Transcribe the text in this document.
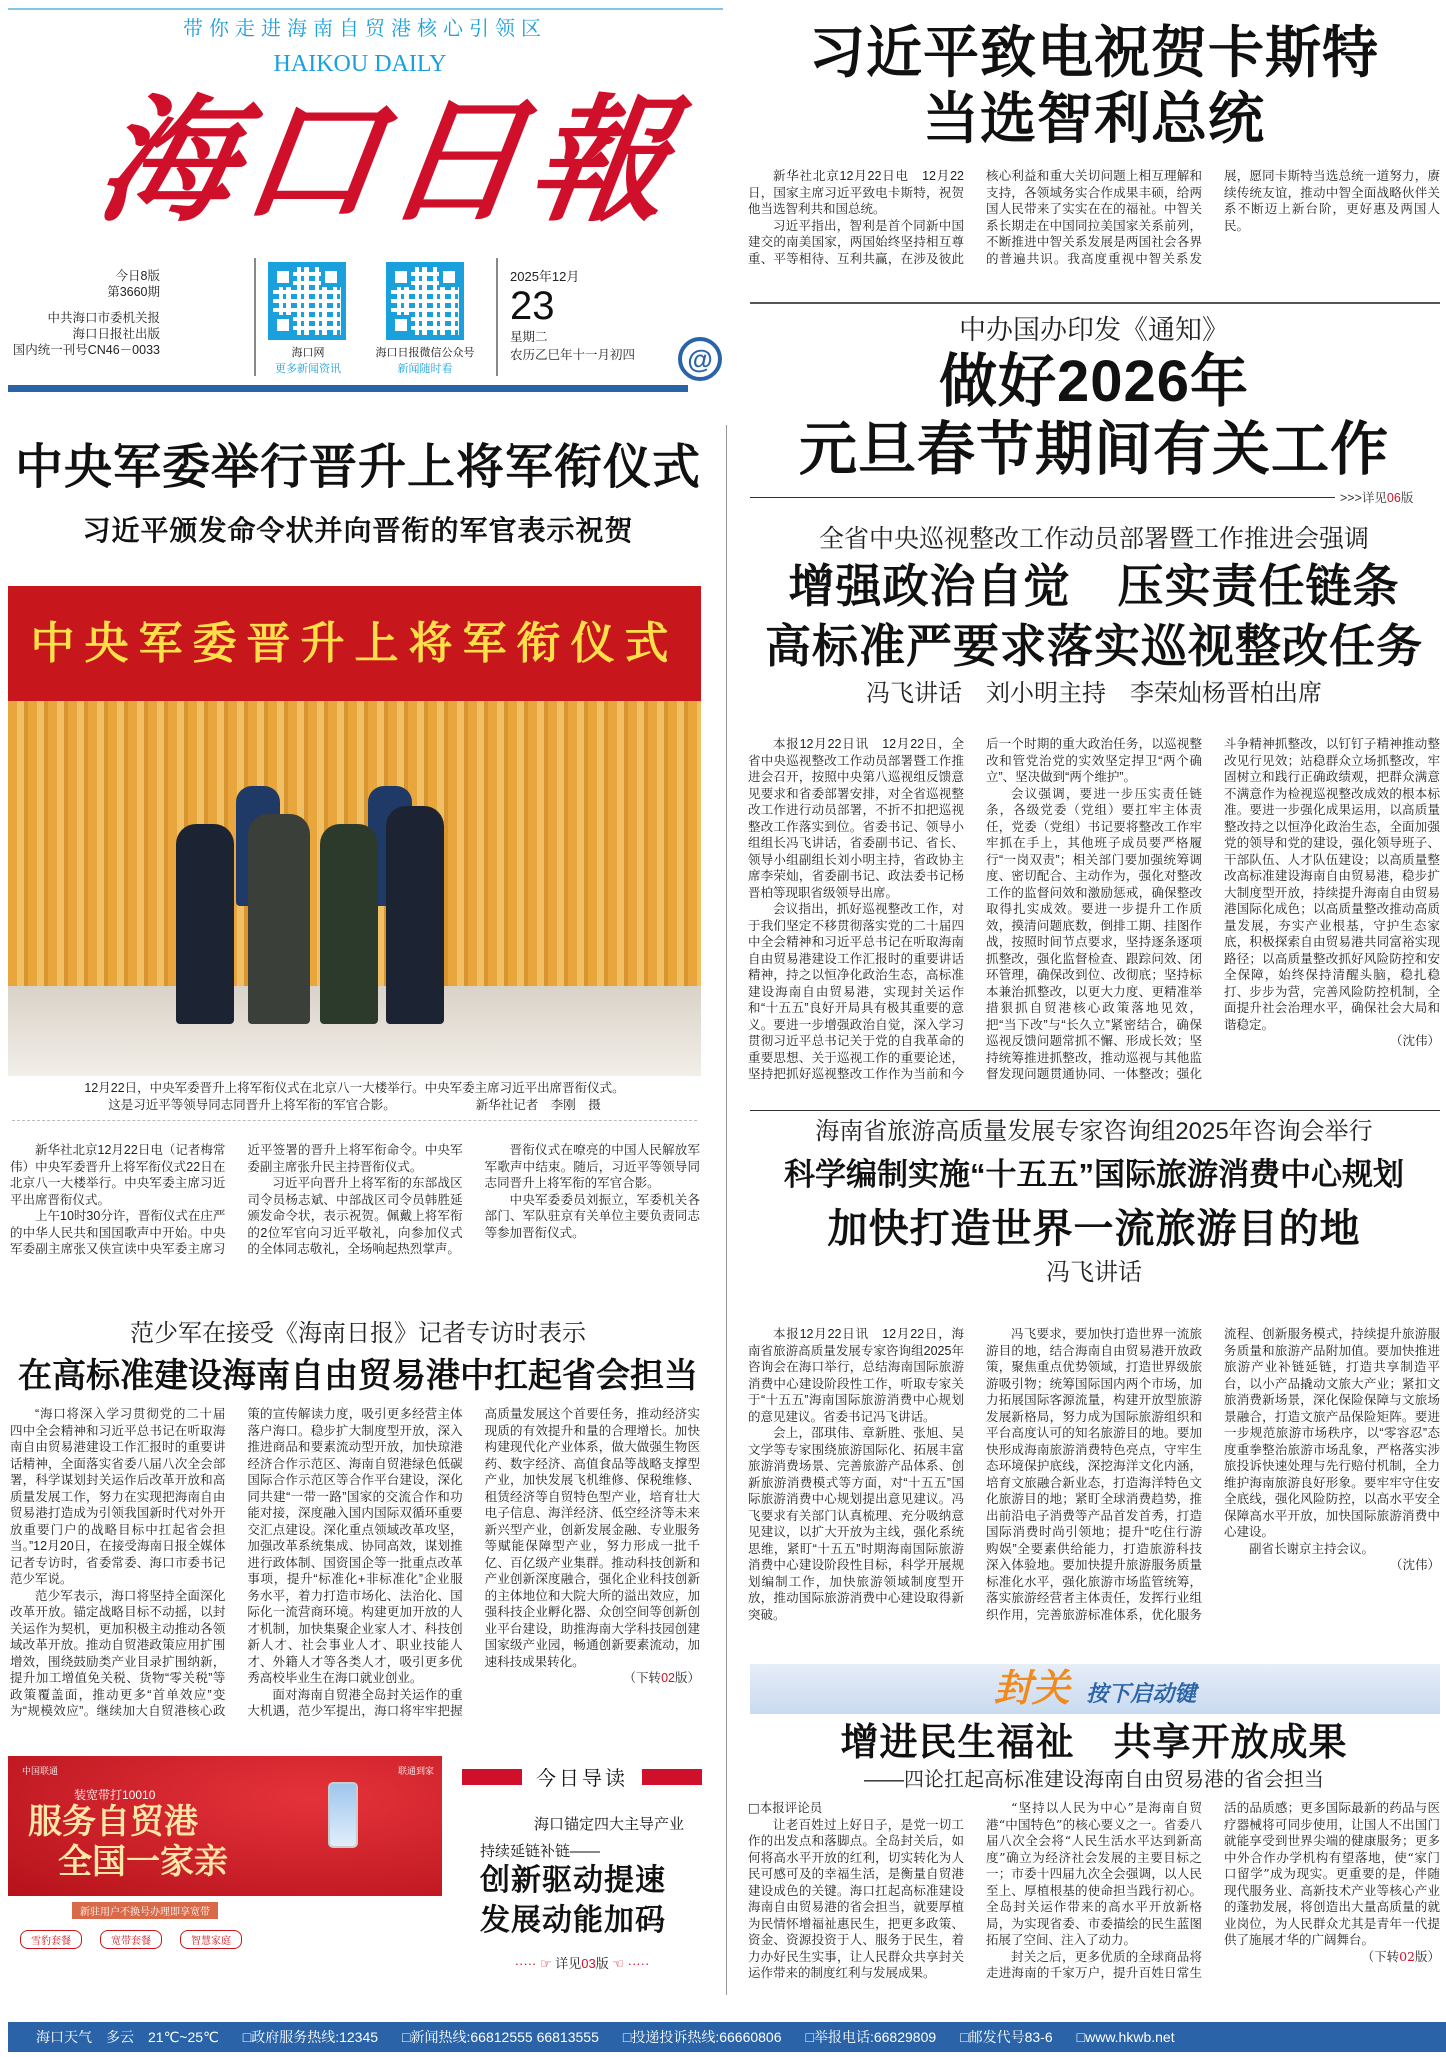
带你走进海南自贸港核心引领区
HAIKOU DAILY
海口日報
今日8版
第3660期
中共海口市委机关报
海口日报社出版
国内统一刊号CN46－0033	海口网
更多新闻资讯
海口日报微信公众号
新闻随时看
2025年12月
23
星期二
农历乙巳年十一月初四	@
习近平致电祝贺卡斯特
当选智利总统

新华社北京12月22日电　12月22日，国家主席习近平致电卡斯特，祝贺他当选智利共和国总统。

习近平指出，智利是首个同新中国建交的南美国家，两国始终坚持相互尊重、平等相待、互利共赢，在涉及彼此核心利益和重大关切问题上相互理解和支持，各领域务实合作成果丰硕，给两国人民带来了实实在在的福祉。中智关系长期走在中国同拉美国家关系前列，不断推进中智关系发展是两国社会各界的普遍共识。我高度重视中智关系发展，愿同卡斯特当选总统一道努力，赓续传统友谊，推动中智全面战略伙伴关系不断迈上新台阶，更好惠及两国人民。

中办国办印发《通知》
做好2026年
元旦春节期间有关工作
>>>详见06版
全省中央巡视整改工作动员部署暨工作推进会强调
增强政治自觉　压实责任链条
高标准严要求落实巡视整改任务
冯飞讲话　刘小明主持　李荣灿杨晋柏出席

本报12月22日讯　12月22日，全省中央巡视整改工作动员部署暨工作推进会召开，按照中央第八巡视组反馈意见要求和省委部署安排，对全省巡视整改工作进行动员部署，不折不扣把巡视整改工作落实到位。省委书记、领导小组组长冯飞讲话，省委副书记、省长、领导小组副组长刘小明主持，省政协主席李荣灿，省委副书记、政法委书记杨晋柏等现职省级领导出席。

会议指出，抓好巡视整改工作，对于我们坚定不移贯彻落实党的二十届四中全会精神和习近平总书记在听取海南自由贸易港建设工作汇报时的重要讲话精神，持之以恒净化政治生态，高标准建设海南自由贸易港，实现封关运作和“十五五”良好开局具有极其重要的意义。要进一步增强政治自觉，深入学习贯彻习近平总书记关于党的自我革命的重要思想、关于巡视工作的重要论述，坚持把抓好巡视整改工作作为当前和今后一个时期的重大政治任务，以巡视整改和管党治党的实效坚定捍卫“两个确立”、坚决做到“两个维护”。

会议强调，要进一步压实责任链条，各级党委（党组）要扛牢主体责任，党委（党组）书记要将整改工作牢牢抓在手上，其他班子成员要严格履行“一岗双责”；相关部门要加强统筹调度、密切配合、主动作为，强化对整改工作的监督问效和激励惩戒，确保整改取得扎实成效。要进一步提升工作质效，摸清问题底数，倒排工期、挂图作战，按照时间节点要求，坚持逐条逐项抓整改，强化监督检查、跟踪问效、闭环管理，确保改到位、改彻底；坚持标本兼治抓整改，以更大力度、更精准举措狠抓自贸港核心政策落地见效，把“当下改”与“长久立”紧密结合，确保巡视反馈问题常抓不懈、形成长效；坚持统筹推进抓整改，推动巡视与其他监督发现问题贯通协同、一体整改；强化斗争精神抓整改，以钉钉子精神推动整改见行见效；站稳群众立场抓整改，牢固树立和践行正确政绩观，把群众满意不满意作为检视巡视整改成效的根本标准。要进一步强化成果运用，以高质量整改持之以恒净化政治生态，全面加强党的领导和党的建设，强化领导班子、干部队伍、人才队伍建设；以高质量整改高标准建设海南自由贸易港，稳步扩大制度型开放，持续提升海南自由贸易港国际化成色；以高质量整改推动高质量发展，夯实产业根基，守护生态家底，积极探索自由贸易港共同富裕实现路径；以高质量整改抓好风险防控和安全保障，始终保持清醒头脑，稳扎稳打、步步为营，完善风险防控机制，全面提升社会治理水平，确保社会大局和谐稳定。

（沈伟）

海南省旅游高质量发展专家咨询组2025年咨询会举行
科学编制实施“十五五”国际旅游消费中心规划
加快打造世界一流旅游目的地
冯飞讲话

本报12月22日讯　12月22日，海南省旅游高质量发展专家咨询组2025年咨询会在海口举行，总结海南国际旅游消费中心建设阶段性工作，听取专家关于“十五五”海南国际旅游消费中心规划的意见建议。省委书记冯飞讲话。

会上，邵琪伟、章新胜、张旭、吴文学等专家围绕旅游国际化、拓展丰富旅游消费场景、完善旅游产品体系、创新旅游消费模式等方面，对“十五五”国际旅游消费中心规划提出意见建议。冯飞要求有关部门认真梳理、充分吸纳意见建议，以扩大开放为主线，强化系统思维，紧盯“十五五”时期海南国际旅游消费中心建设阶段性目标，科学开展规划编制工作，加快旅游领域制度型开放，推动国际旅游消费中心建设取得新突破。

冯飞要求，要加快打造世界一流旅游目的地，结合海南自由贸易港开放政策，聚焦重点优势领域，打造世界级旅游吸引物；统筹国际国内两个市场，加力拓展国际客源流量，构建开放型旅游发展新格局，努力成为国际旅游组织和平台高度认可的知名旅游目的地。要加快形成海南旅游消费特色亮点，守牢生态环境保护底线，深挖海洋文化内涵，培育文旅融合新业态，打造海洋特色文化旅游目的地；紧盯全球消费趋势，推出前沿电子消费等产品首发首秀，打造国际消费时尚引领地；提升“吃住行游购娱”全要素供给能力，打造旅游科技深入体验地。要加快提升旅游服务质量标准化水平，强化旅游市场监管统筹，落实旅游经营者主体责任，发挥行业组织作用，完善旅游标准体系，优化服务流程、创新服务模式，持续提升旅游服务质量和旅游产品附加值。要加快推进旅游产业补链延链，打造共享制造平台，以小产品撬动文旅大产业；紧扣文旅消费新场景，深化保险保障与文旅场景融合，打造文旅产品保险矩阵。要进一步规范旅游市场秩序，以“零容忍”态度重拳整治旅游市场乱象，严格落实涉旅投诉快速处理与先行赔付机制，全力维护海南旅游良好形象。要牢牢守住安全底线，强化风险防控，以高水平安全保障高水平开放，加快国际旅游消费中心建设。

副省长谢京主持会议。

（沈伟）

封关 按下启动键
增进民生福祉　共享开放成果
——四论扛起高标准建设海南自由贸易港的省会担当

□本报评论员

让老百姓过上好日子，是党一切工作的出发点和落脚点。全岛封关后，如何将高水平开放的红利，切实转化为人民可感可及的幸福生活，是衡量自贸港建设成色的关键。海口扛起高标准建设海南自由贸易港的省会担当，就要厚植为民情怀增福祉惠民生，把更多政策、资金、资源投资于人、服务于民生，着力办好民生实事，让人民群众共享封关运作带来的制度红利与发展成果。

“坚持以人民为中心”是海南自贸港“中国特色”的核心要义之一。省委八届八次全会将“人民生活水平达到新高度”确立为经济社会发展的主要目标之一；市委十四届九次全会强调，以人民至上、厚植根基的使命担当践行初心。全岛封关运作带来的高水平开放新格局，为实现省委、市委描绘的民生蓝图拓展了空间、注入了动力。

封关之后，更多优质的全球商品将走进海南的千家万户，提升百姓日常生活的品质感；更多国际最新的药品与医疗器械将可同步使用，让国人不出国门就能享受到世界尖端的健康服务；更多中外合作办学机构有望落地，使“家门口留学”成为现实。更重要的是，伴随现代服务业、高新技术产业等核心产业的蓬勃发展，将创造出大量高质量的就业岗位，为人民群众尤其是青年一代提供了施展才华的广阔舞台。

（下转02版）

中央军委举行晋升上将军衔仪式
习近平颁发命令状并向晋衔的军官表示祝贺
中央军委晋升上将军衔仪式
12月22日，中央军委晋升上将军衔仪式在北京八一大楼举行。中央军委主席习近平出席晋衔仪式。
这是习近平等领导同志同晋升上将军衔的军官合影。	新华社记者　李刚　摄

新华社北京12月22日电（记者梅常伟）中央军委晋升上将军衔仪式22日在北京八一大楼举行。中央军委主席习近平出席晋衔仪式。

上午10时30分许，晋衔仪式在庄严的中华人民共和国国歌声中开始。中央军委副主席张又侠宣读中央军委主席习近平签署的晋升上将军衔命令。中央军委副主席张升民主持晋衔仪式。

习近平向晋升上将军衔的东部战区司令员杨志斌、中部战区司令员韩胜延颁发命令状，表示祝贺。佩戴上将军衔的2位军官向习近平敬礼，向参加仪式的全体同志敬礼，全场响起热烈掌声。

晋衔仪式在嘹亮的中国人民解放军军歌声中结束。随后，习近平等领导同志同晋升上将军衔的军官合影。

中央军委委员刘振立，军委机关各部门、军队驻京有关单位主要负责同志等参加晋衔仪式。

范少军在接受《海南日报》记者专访时表示
在高标准建设海南自由贸易港中扛起省会担当

“海口将深入学习贯彻党的二十届四中全会精神和习近平总书记在听取海南自由贸易港建设工作汇报时的重要讲话精神，全面落实省委八届八次全会部署，科学谋划封关运作后改革开放和高质量发展工作，努力在实现把海南自由贸易港打造成为引领我国新时代对外开放重要门户的战略目标中扛起省会担当。”12月20日，在接受海南日报全媒体记者专访时，省委常委、海口市委书记范少军说。

范少军表示，海口将坚持全面深化改革开放。锚定战略目标不动摇，以封关运作为契机，更加积极主动推动各领域改革开放。推动自贸港政策应用扩围增效，围绕鼓励类产业目录扩围纳新，提升加工增值免关税、货物“零关税”等政策覆盖面，推动更多“首单效应”变为“规模效应”。继续加大自贸港核心政策的宣传解读力度，吸引更多经营主体落户海口。稳步扩大制度型开放，深入推进商品和要素流动型开放，加快琼港经济合作示范区、海南自贸港绿色低碳国际合作示范区等合作平台建设，深化同共建“一带一路”国家的交流合作和功能对接，深度融入国内国际双循环重要交汇点建设。深化重点领域改革攻坚，加强改革系统集成、协同高效，谋划推进行政体制、国资国企等一批重点改革事项，提升“标准化+非标准化”企业服务水平，着力打造市场化、法治化、国际化一流营商环境。构建更加开放的人才机制，加快集聚企业家人才、科技创新人才、社会事业人才、职业技能人才、外籍人才等各类人才，吸引更多优秀高校毕业生在海口就业创业。

面对海南自贸港全岛封关运作的重大机遇，范少军提出，海口将牢牢把握高质量发展这个首要任务，推动经济实现质的有效提升和量的合理增长。加快构建现代化产业体系，做大做强生物医药、数字经济、高值食品等战略支撑型产业，加快发展飞机维修、保税维修、租赁经济等自贸特色型产业，培育壮大电子信息、海洋经济、低空经济等未来新兴型产业，创新发展金融、专业服务等赋能保障型产业，努力形成一批千亿、百亿级产业集群。推动科技创新和产业创新深度融合，强化企业科技创新的主体地位和大院大所的溢出效应，加强科技企业孵化器、众创空间等创新创业平台建设，助推海南大学科技园创建国家级产业园，畅通创新要素流动，加速科技成果转化。

（下转02版）

中国联通	联通到家
装宽带打10010
服务自贸港
全国一家亲
新驻用户不换号办理即享宽带
雪豹套餐	宽带套餐	智慧家庭
今日导读
海口锚定四大主导产业
持续延链补链——
创新驱动提速
发展动能加码
····· ☞ 详见03版 ☜ ·····
海口天气　多云　21℃~25℃ □政府服务热线:12345 □新闻热线:66812555 66813555 □投递投诉热线:66660806 □举报电话:66829809 □邮发代号83-6 □www.hkwb.net
